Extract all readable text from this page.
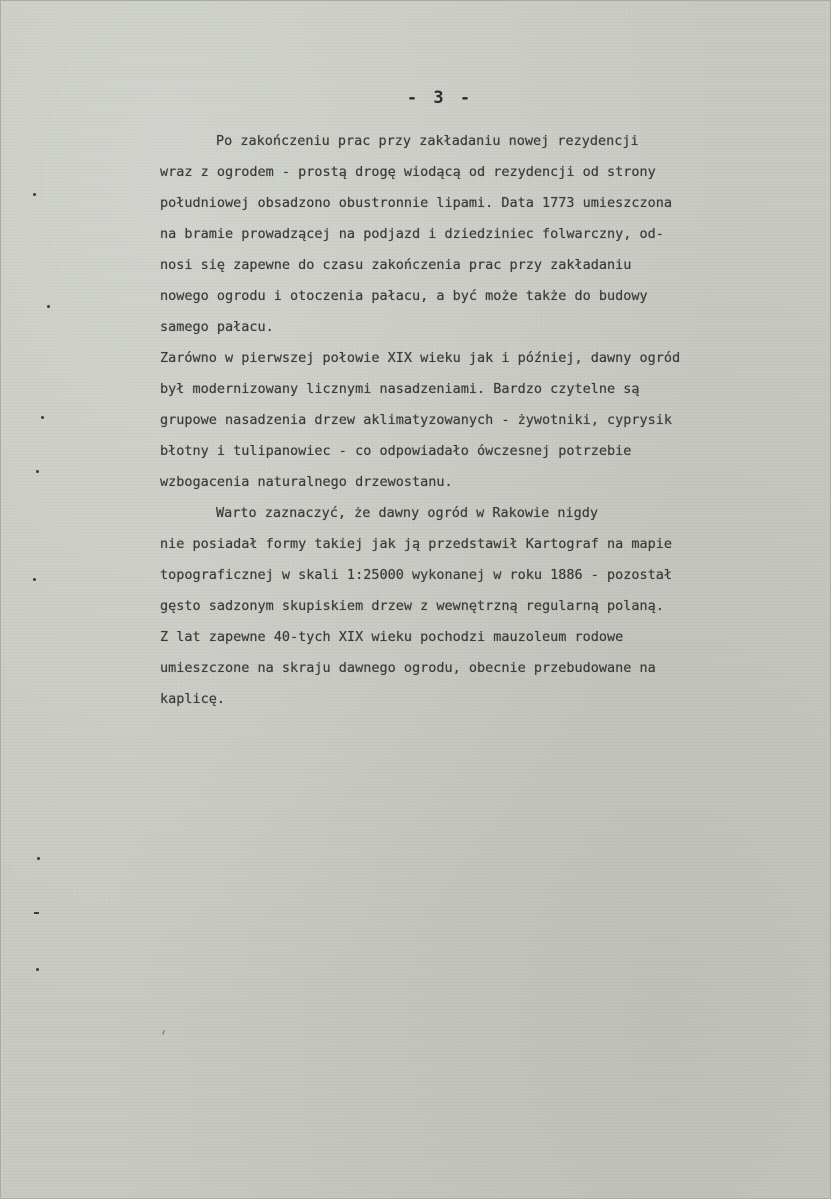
- 3 -
Po zakończeniu prac przy zakładaniu nowej rezydencji
wraz z ogrodem - prostą drogę wiodącą od rezydencji od strony
południowej obsadzono obustronnie lipami. Data 1773 umieszczona
na bramie prowadzącej na podjazd i dziedziniec folwarczny, od-
nosi się zapewne do czasu zakończenia prac przy zakładaniu
nowego ogrodu i otoczenia pałacu, a być może także do budowy
samego pałacu.
Zarówno w pierwszej połowie XIX wieku jak i później, dawny ogród
był modernizowany licznymi nasadzeniami. Bardzo czytelne są
grupowe nasadzenia drzew aklimatyzowanych - żywotniki, cyprysik
błotny i tulipanowiec - co odpowiadało ówczesnej potrzebie
wzbogacenia naturalnego drzewostanu.
Warto zaznaczyć, że dawny ogród w Rakowie nigdy
nie posiadał formy takiej jak ją przedstawił Kartograf na mapie
topograficznej w skali 1:25000 wykonanej w roku 1886 - pozostał
gęsto sadzonym skupiskiem drzew z wewnętrzną regularną polaną.
Z lat zapewne 40-tych XIX wieku pochodzi mauzoleum rodowe
umieszczone na skraju dawnego ogrodu, obecnie przebudowane na
kaplicę.
